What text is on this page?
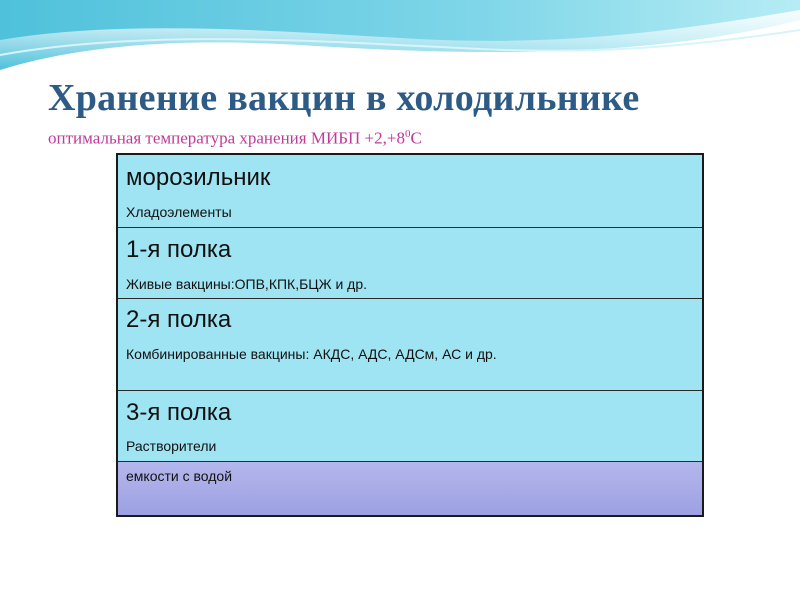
Хранение вакцин в холодильнике
оптимальная температура хранения МИБП $+2,+8^0С$
морозильник
Хладоэлементы
1-я полка
Живые вакцины:ОПВ,КПК,БЦЖ и др.
2-я полка
Комбинированные вакцины: АКДС, АДС, АДСм, АС и др.
3-я полка
Растворители
емкости с водой
